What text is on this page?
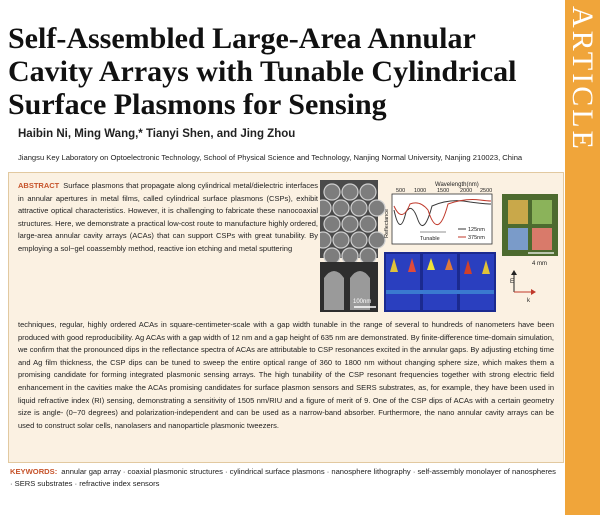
ARTICLE
Self-Assembled Large-Area Annular Cavity Arrays with Tunable Cylindrical Surface Plasmons for Sensing
Haibin Ni, Ming Wang,* Tianyi Shen, and Jing Zhou
Jiangsu Key Laboratory on Optoelectronic Technology, School of Physical Science and Technology, Nanjing Normal University, Nanjing 210023, China
ABSTRACT Surface plasmons that propagate along cylindrical metal/dielectric interfaces in annular apertures in metal films, called cylindrical surface plasmons (CSPs), exhibit attractive optical characteristics. However, it is challenging to fabricate these nanocoaxial structures. Here, we demonstrate a practical low-cost route to manufacture highly ordered, large-area annular cavity arrays (ACAs) that can support CSPs with great tunability. By employing a sol−gel coassembly method, reactive ion etching and metal sputtering
techniques, regular, highly ordered ACAs in square-centimeter-scale with a gap width tunable in the range of several to hundreds of nanometers have been produced with good reproducibility. Ag ACAs with a gap width of 12 nm and a gap height of 635 nm are demonstrated. By finite-difference time-domain simulation, we confirm that the pronounced dips in the reflectance spectra of ACAs are attributable to CSP resonances excited in the annular gaps. By adjusting etching time and Ag film thickness, the CSP dips can be tuned to sweep the entire optical range of 360 to 1800 nm without changing sphere size, which makes them a promising candidate for forming integrated plasmonic sensing arrays. The high tunability of the CSP resonant frequencies together with strong electric field enhancement in the cavities make the ACAs promising candidates for surface plasmon sensors and SERS substrates, as, for example, they have been used in liquid refractive index (RI) sensing, demonstrating a sensitivity of 1505 nm/RIU and a figure of merit of 9. One of the CSP dips of ACAs with a certain geometry size is angle- (0−70 degrees) and polarization-independent and can be used as a narrow-band absorber. Furthermore, the nano annular cavity arrays can be used to construct solar cells, nanolasers and nanoparticle plasmonic tweezers.
100nm
Wavelength(nm)
500 1000 1500 2000 2500
Reflectance
Tunable
125nm
375nm
4 mm
E
k
KEYWORDS: annular gap array · coaxial plasmonic structures · cylindrical surface plasmons · nanosphere lithography · self-assembly monolayer of nanospheres · SERS substrates · refractive index sensors
